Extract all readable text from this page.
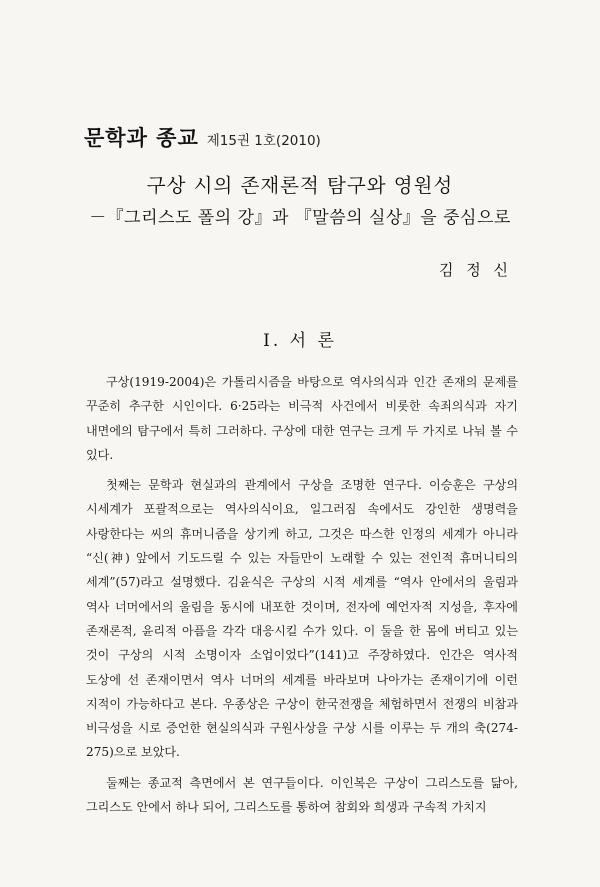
문학과 종교 제15권 1호(2010)
구상 시의 존재론적 탐구와 영원성
－『그리스도 폴의 강』과 『말씀의 실상』을 중심으로
김 정 신
I. 서 론

구상(1919-2004)은 가톨리시즘을 바탕으로 역사의식과 인간 존재의 문제를 꾸준히 추구한 시인이다. 6·25라는 비극적 사건에서 비롯한 속죄의식과 자기 내면에의 탐구에서 특히 그러하다. 구상에 대한 연구는 크게 두 가지로 나눠 볼 수 있다.

첫째는 문학과 현실과의 관계에서 구상을 조명한 연구다. 이승훈은 구상의 시세계가 포괄적으로는 역사의식이요, 일그러짐 속에서도 강인한 생명력을 사랑한다는 씨의 휴머니즘을 상기케 하고, 그것은 따스한 인정의 세계가 아니라 “신(神) 앞에서 기도드릴 수 있는 자들만이 노래할 수 있는 전인적 휴머니티의 세계”(57)라고 설명했다. 김윤식은 구상의 시적 세계를 “역사 안에서의 울림과 역사 너머에서의 울림을 동시에 내포한 것이며, 전자에 예언자적 지성을, 후자에 존재론적, 윤리적 아픔을 각각 대응시킬 수가 있다. 이 둘을 한 몸에 버티고 있는 것이 구상의 시적 소명이자 소업이었다”(141)고 주장하였다. 인간은 역사적 도상에 선 존재이면서 역사 너머의 세계를 바라보며 나아가는 존재이기에 이런 지적이 가능하다고 본다. 우종상은 구상이 한국전쟁을 체험하면서 전쟁의 비참과 비극성을 시로 증언한 현실의식과 구원사상을 구상 시를 이루는 두 개의 축(274-275)으로 보았다.

둘째는 종교적 측면에서 본 연구들이다. 이인복은 구상이 그리스도를 닮아, 그리스도 안에서 하나 되어, 그리스도를 통하여 참회와 희생과 구속적 가치지
